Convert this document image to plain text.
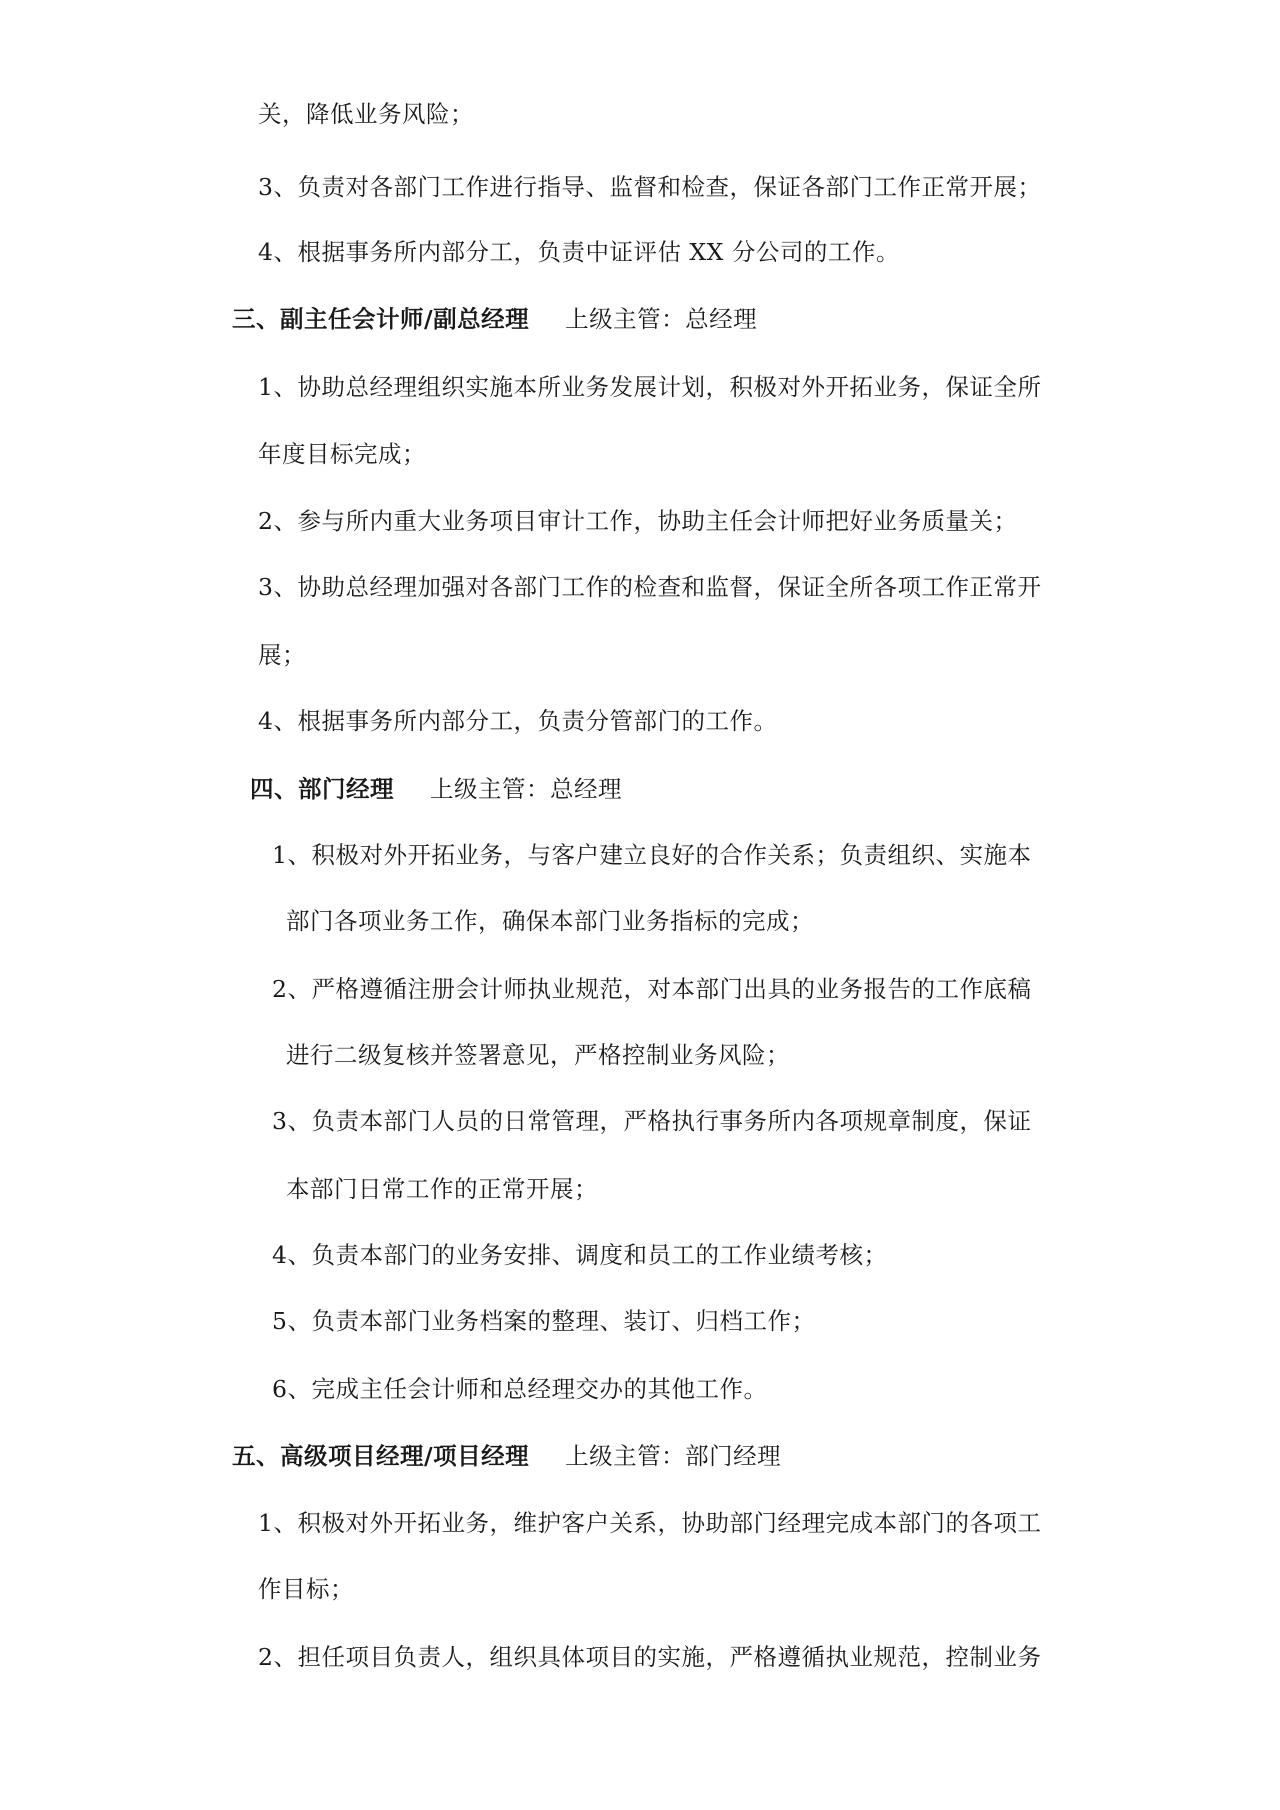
关，降低业务风险；
3、负责对各部门工作进行指导、监督和检查，保证各部门工作正常开展；
4、根据事务所内部分工，负责中证评估 XX 分公司的工作。
三、副主任会计师/副总经理 上级主管：总经理
1、协助总经理组织实施本所业务发展计划，积极对外开拓业务，保证全所
年度目标完成；
2、参与所内重大业务项目审计工作，协助主任会计师把好业务质量关；
3、协助总经理加强对各部门工作的检查和监督，保证全所各项工作正常开
展；
4、根据事务所内部分工，负责分管部门的工作。
四、部门经理 上级主管：总经理
1、积极对外开拓业务，与客户建立良好的合作关系；负责组织、实施本
部门各项业务工作，确保本部门业务指标的完成；
2、严格遵循注册会计师执业规范，对本部门出具的业务报告的工作底稿
进行二级复核并签署意见，严格控制业务风险；
3、负责本部门人员的日常管理，严格执行事务所内各项规章制度，保证
本部门日常工作的正常开展；
4、负责本部门的业务安排、调度和员工的工作业绩考核；
5、负责本部门业务档案的整理、装订、归档工作；
6、完成主任会计师和总经理交办的其他工作。
五、高级项目经理/项目经理 上级主管：部门经理
1、积极对外开拓业务，维护客户关系，协助部门经理完成本部门的各项工
作目标；
2、担任项目负责人，组织具体项目的实施，严格遵循执业规范，控制业务
